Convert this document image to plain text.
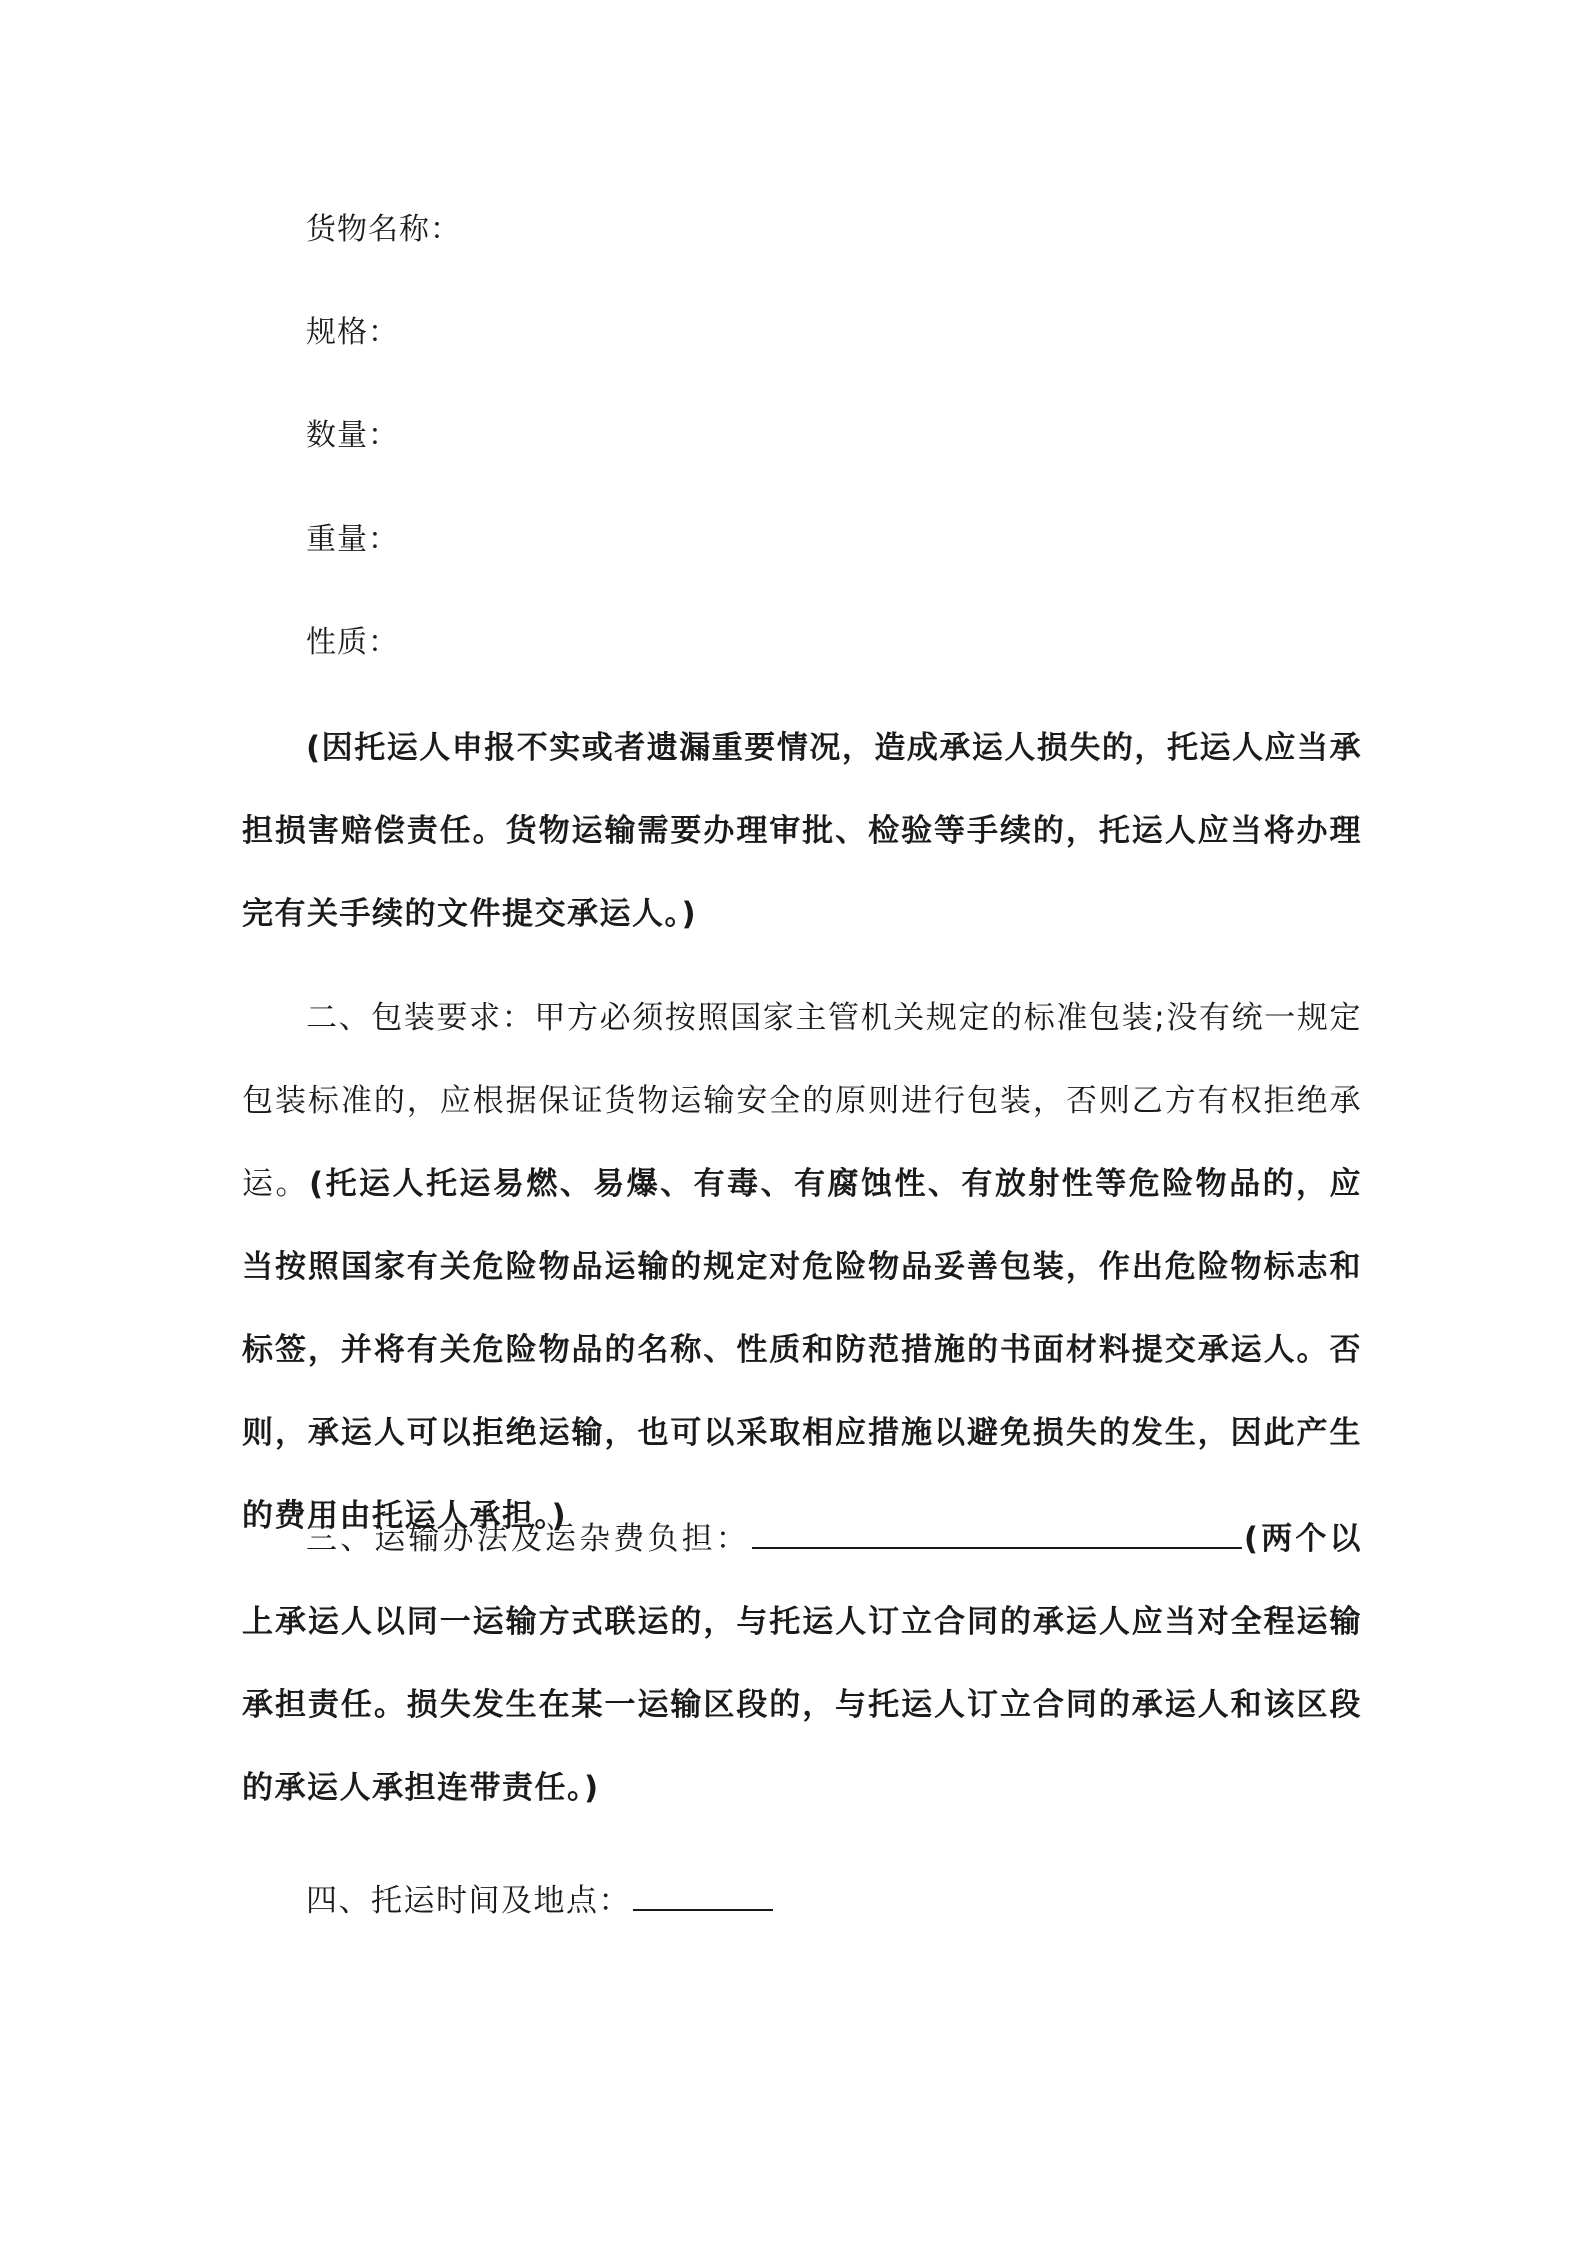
货物名称：
规格：
数量：
重量：
性质：

(因托运人申报不实或者遗漏重要情况，造成承运人损失的，托运人应当承担损害赔偿责任。货物运输需要办理审批、检验等手续的，托运人应当将办理完有关手续的文件提交承运人。)

二、包装要求：甲方必须按照国家主管机关规定的标准包装;没有统一规定包装标准的，应根据保证货物运输安全的原则进行包装，否则乙方有权拒绝承运。(托运人托运易燃、易爆、有毒、有腐蚀性、有放射性等危险物品的，应当按照国家有关危险物品运输的规定对危险物品妥善包装，作出危险物标志和标签，并将有关危险物品的名称、性质和防范措施的书面材料提交承运人。否则，承运人可以拒绝运输，也可以采取相应措施以避免损失的发生，因此产生的费用由托运人承担。)

三、运输办法及运杂费负担：	(两个以上承运人以同一运输方式联运的，与托运人订立合同的承运人应当对全程运输承担责任。损失发生在某一运输区段的，与托运人订立合同的承运人和该区段的承运人承担连带责任。)

四、托运时间及地点：
